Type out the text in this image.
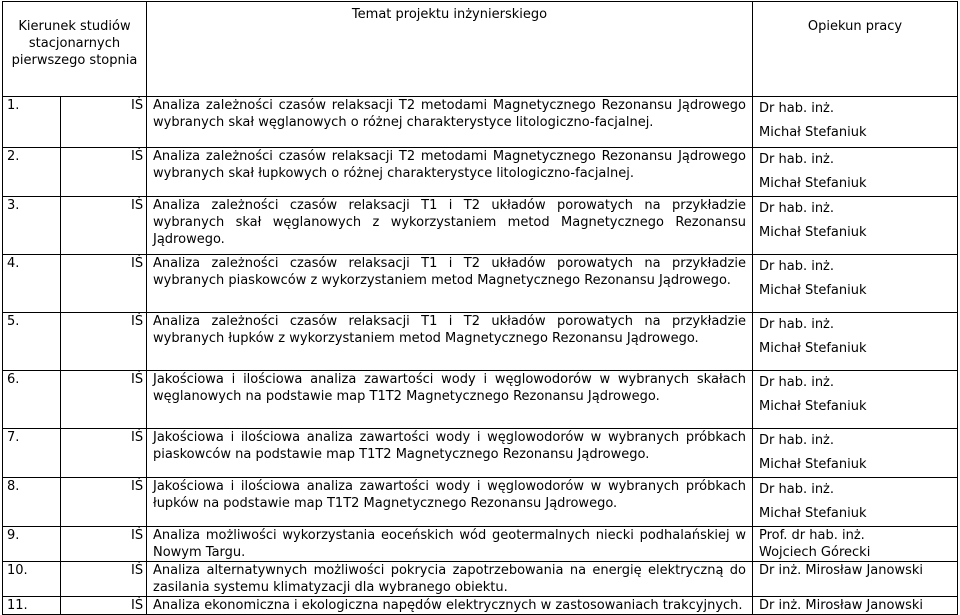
Kierunek studiów stacjonarnych pierwszego stopnia	Temat projektu inżynierskiego	Opiekun pracy
1.	IŚ	Analiza zależności czasów relaksacji T2 metodami Magnetycznego Rezonansu Jądrowego wybranych skał węglanowych o różnej charakterystyce litologiczno-facjalnej.	Dr hab. inż.
Michał Stefaniuk

2.	IŚ	Analiza zależności czasów relaksacji T2 metodami Magnetycznego Rezonansu Jądrowego wybranych skał łupkowych o różnej charakterystyce litologiczno-facjalnej.	Dr hab. inż.
Michał Stefaniuk

3.	IŚ	Analiza zależności czasów relaksacji T1 i T2 układów porowatych na przykładzie wybranych skał węglanowych z wykorzystaniem metod Magnetycznego Rezonansu Jądrowego.	Dr hab. inż.
Michał Stefaniuk

4.	IŚ	Analiza zależności czasów relaksacji T1 i T2 układów porowatych na przykładzie wybranych piaskowców z wykorzystaniem metod Magnetycznego Rezonansu Jądrowego.	Dr hab. inż.
Michał Stefaniuk

5.	IŚ	Analiza zależności czasów relaksacji T1 i T2 układów porowatych na przykładzie wybranych łupków z wykorzystaniem metod Magnetycznego Rezonansu Jądrowego.	Dr hab. inż.
Michał Stefaniuk

6.	IŚ	Jakościowa i ilościowa analiza zawartości wody i węglowodorów w wybranych skałach węglanowych na podstawie map T1T2 Magnetycznego Rezonansu Jądrowego.	Dr hab. inż.
Michał Stefaniuk

7.	IŚ	Jakościowa i ilościowa analiza zawartości wody i węglowodorów w wybranych próbkach piaskowców na podstawie map T1T2 Magnetycznego Rezonansu Jądrowego.	Dr hab. inż.
Michał Stefaniuk

8.	IŚ	Jakościowa i ilościowa analiza zawartości wody i węglowodorów w wybranych próbkach łupków na podstawie map T1T2 Magnetycznego Rezonansu Jądrowego.	Dr hab. inż.
Michał Stefaniuk

9.	IŚ	Analiza możliwości wykorzystania eoceńskich wód geotermalnych niecki podhalańskiej w Nowym Targu.	Prof. dr hab. inż.
Wojciech Górecki

10.	IŚ	Analiza alternatywnych możliwości pokrycia zapotrzebowania na energię elektryczną do zasilania systemu klimatyzacji dla wybranego obiektu.	Dr inż. Mirosław Janowski

11.	IŚ	Analiza ekonomiczna i ekologiczna napędów elektrycznych w zastosowaniach trakcyjnych.	Dr inż. Mirosław Janowski
